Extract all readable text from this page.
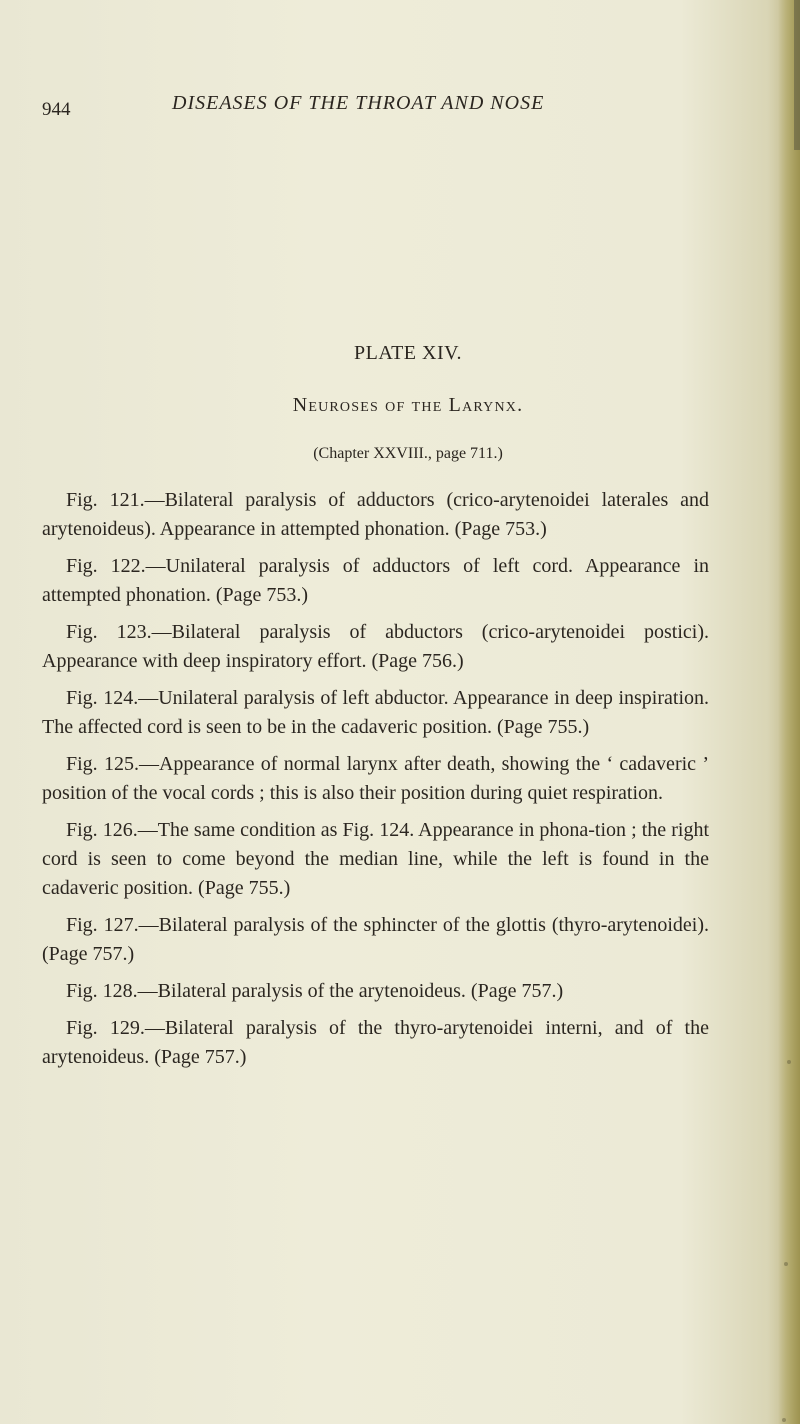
944	DISEASES OF THE THROAT AND NOSE
PLATE XIV.
Neuroses of the Larynx.
(Chapter XXVIII., page 711.)

Fig. 121.—Bilateral paralysis of adductors (crico-arytenoidei laterales and arytenoideus). Appearance in attempted phonation. (Page 753.)

Fig. 122.—Unilateral paralysis of adductors of left cord. Appearance in attempted phonation. (Page 753.)

Fig. 123.—Bilateral paralysis of abductors (crico-arytenoidei postici). Appearance with deep inspiratory effort. (Page 756.)

Fig. 124.—Unilateral paralysis of left abductor. Appearance in deep inspiration. The affected cord is seen to be in the cadaveric position. (Page 755.)

Fig. 125.—Appearance of normal larynx after death, showing the ‘ cadaveric ’ position of the vocal cords ; this is also their position during quiet respiration.

Fig. 126.—The same condition as Fig. 124. Appearance in phona-tion ; the right cord is seen to come beyond the median line, while the left is found in the cadaveric position. (Page 755.)

Fig. 127.—Bilateral paralysis of the sphincter of the glottis (thyro-arytenoidei). (Page 757.)

Fig. 128.—Bilateral paralysis of the arytenoideus. (Page 757.)

Fig. 129.—Bilateral paralysis of the thyro-arytenoidei interni, and of the arytenoideus. (Page 757.)
